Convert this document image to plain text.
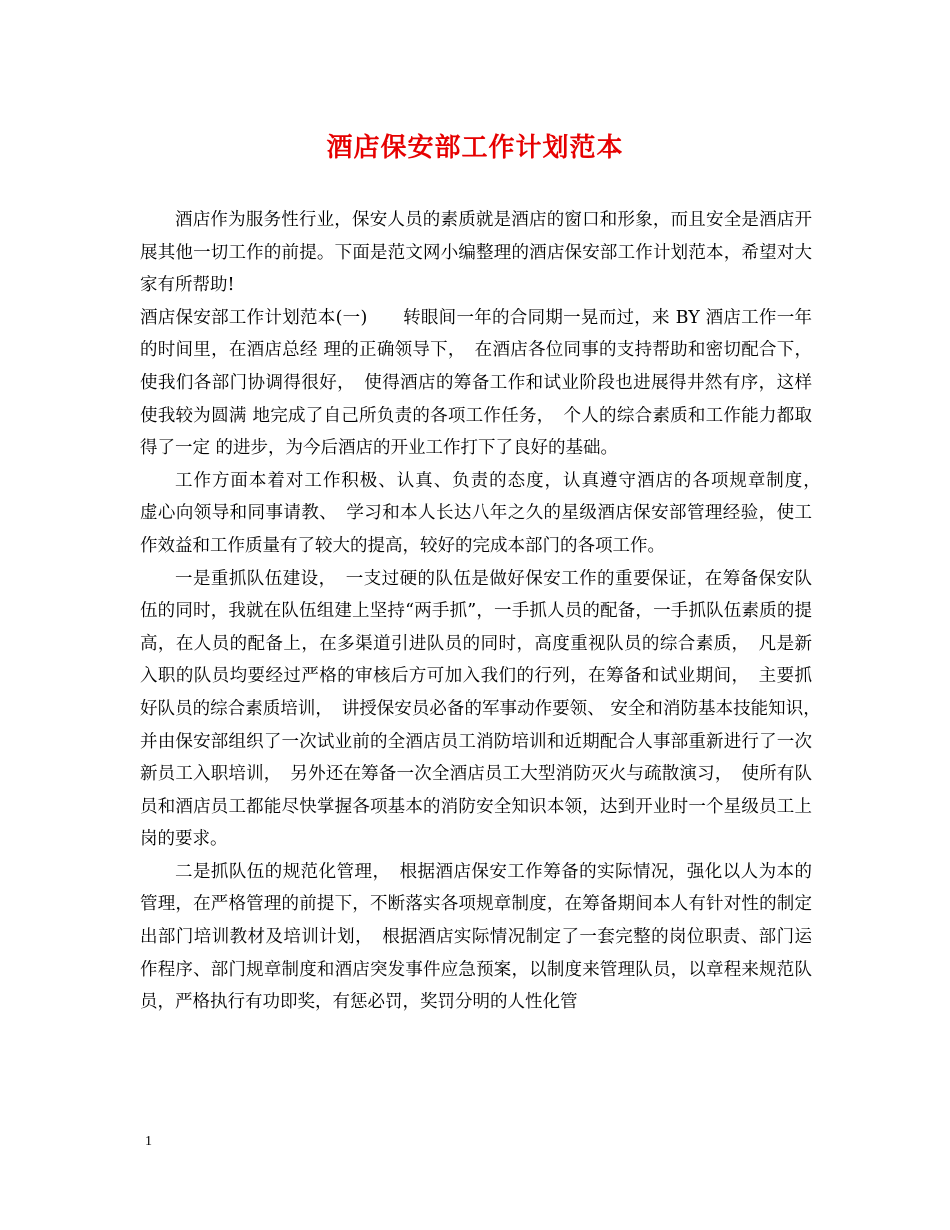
酒店保安部工作计划范本

酒店作为服务性行业，保安人员的素质就是酒店的窗口和形象，而且安全是酒店开展其他一切工作的前提。下面是范文网小编整理的酒店保安部工作计划范本，希望对大家有所帮助!

酒店保安部工作计划范本(一)　　转眼间一年的合同期一晃而过，来 BY 酒店工作一年的时间里，在酒店总经 理的正确领导下，　在酒店各位同事的支持帮助和密切配合下，使我们各部门协调得很好，　使得酒店的筹备工作和试业阶段也进展得井然有序，这样使我较为圆满 地完成了自己所负责的各项工作任务，　个人的综合素质和工作能力都取得了一定 的进步，为今后酒店的开业工作打下了良好的基础。

工作方面本着对工作积极、认真、负责的态度，认真遵守酒店的各项规章制度，　虚心向领导和同事请教、　学习和本人长达八年之久的星级酒店保安部管理经验，使工作效益和工作质量有了较大的提高，较好的完成本部门的各项工作。

一是重抓队伍建设，　一支过硬的队伍是做好保安工作的重要保证，在筹备保安队伍的同时，我就在队伍组建上坚持“两手抓”，一手抓人员的配备，一手抓队伍素质的提高，在人员的配备上，在多渠道引进队员的同时，高度重视队员的综合素质，　凡是新入职的队员均要经过严格的审核后方可加入我们的行列，在筹备和试业期间，　主要抓好队员的综合素质培训，　讲授保安员必备的军事动作要领、 安全和消防基本技能知识，　并由保安部组织了一次试业前的全酒店员工消防培训和近期配合人事部重新进行了一次新员工入职培训，　另外还在筹备一次全酒店员工大型消防灭火与疏散演习，　使所有队员和酒店员工都能尽快掌握各项基本的消防安全知识本领，达到开业时一个星级员工上岗的要求。

二是抓队伍的规范化管理，　根据酒店保安工作筹备的实际情况，强化以人为本的管理，在严格管理的前提下，不断落实各项规章制度，在筹备期间本人有针对性的制定出部门培训教材及培训计划，　根据酒店实际情况制定了一套完整的岗位职责、部门运作程序、部门规章制度和酒店突发事件应急预案，以制度来管理队员，以章程来规范队员，严格执行有功即奖，有惩必罚，奖罚分明的人性化管

1
